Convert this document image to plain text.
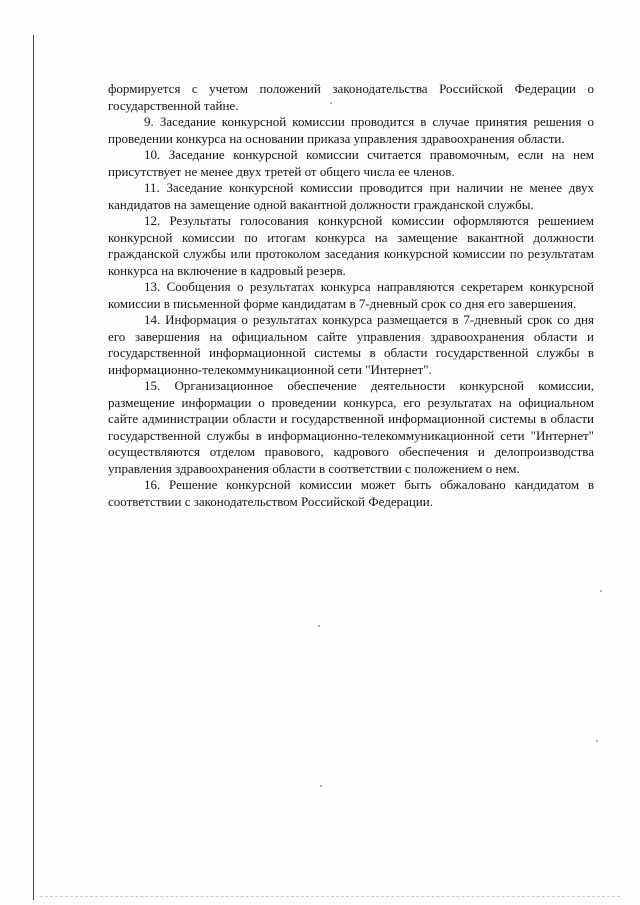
формируется с учетом положений законодательства Российской Федерации о государственной тайне.

9. Заседание конкурсной комиссии проводится в случае принятия решения о проведении конкурса на основании приказа управления здравоохранения области.

10. Заседание конкурсной комиссии считается правомочным, если на нем присутствует не менее двух третей от общего числа ее членов.

11. Заседание конкурсной комиссии проводится при наличии не менее двух кандидатов на замещение одной вакантной должности гражданской службы.

12. Результаты голосования конкурсной комиссии оформляются решением конкурсной комиссии по итогам конкурса на замещение вакантной должности гражданской службы или протоколом заседания конкурсной комиссии по результатам конкурса на включение в кадровый резерв.

13. Сообщения о результатах конкурса направляются секретарем конкурсной комиссии в письменной форме кандидатам в 7-дневный срок со дня его завершения.

14. Информация о результатах конкурса размещается в 7-дневный срок со дня его завершения на официальном сайте управления здравоохранения области и государственной информационной системы в области государственной службы в информационно-телекоммуникационной сети "Интернет".

15. Организационное обеспечение деятельности конкурсной комиссии, размещение информации о проведении конкурса, его результатах на официальном сайте администрации области и государственной информационной системы в области государственной службы в информационно-телекоммуникационной сети "Интернет" осуществляются отделом правового, кадрового обеспечения и делопроизводства управления здравоохранения области в соответствии с положением о нем.

16. Решение конкурсной комиссии может быть обжаловано кандидатом в соответствии с законодательством Российской Федерации.
